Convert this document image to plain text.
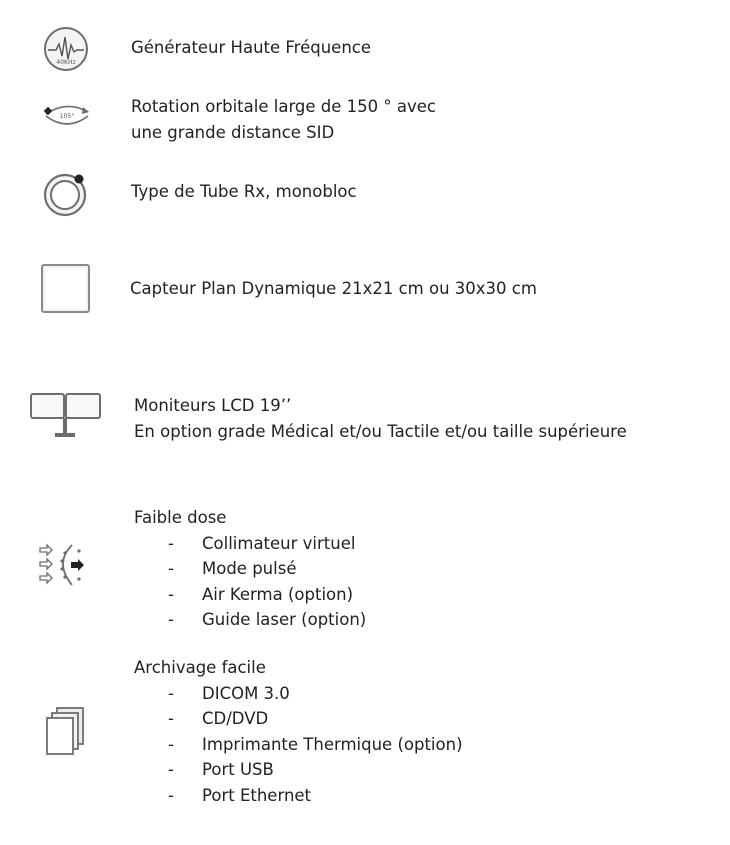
40KHz
Générateur Haute Fréquence
105°
Rotation orbitale large de 150 ° avec
une grande distance SID
Type de Tube Rx, monobloc
Capteur Plan Dynamique 21x21 cm ou 30x30 cm
Moniteurs LCD 19’’
En option grade Médical et/ou Tactile et/ou taille supérieure
Faible dose
- Collimateur virtuel
- Mode pulsé
- Air Kerma (option)
- Guide laser (option)
Archivage facile
- DICOM 3.0
- CD/DVD
- Imprimante Thermique (option)
- Port USB
- Port Ethernet
